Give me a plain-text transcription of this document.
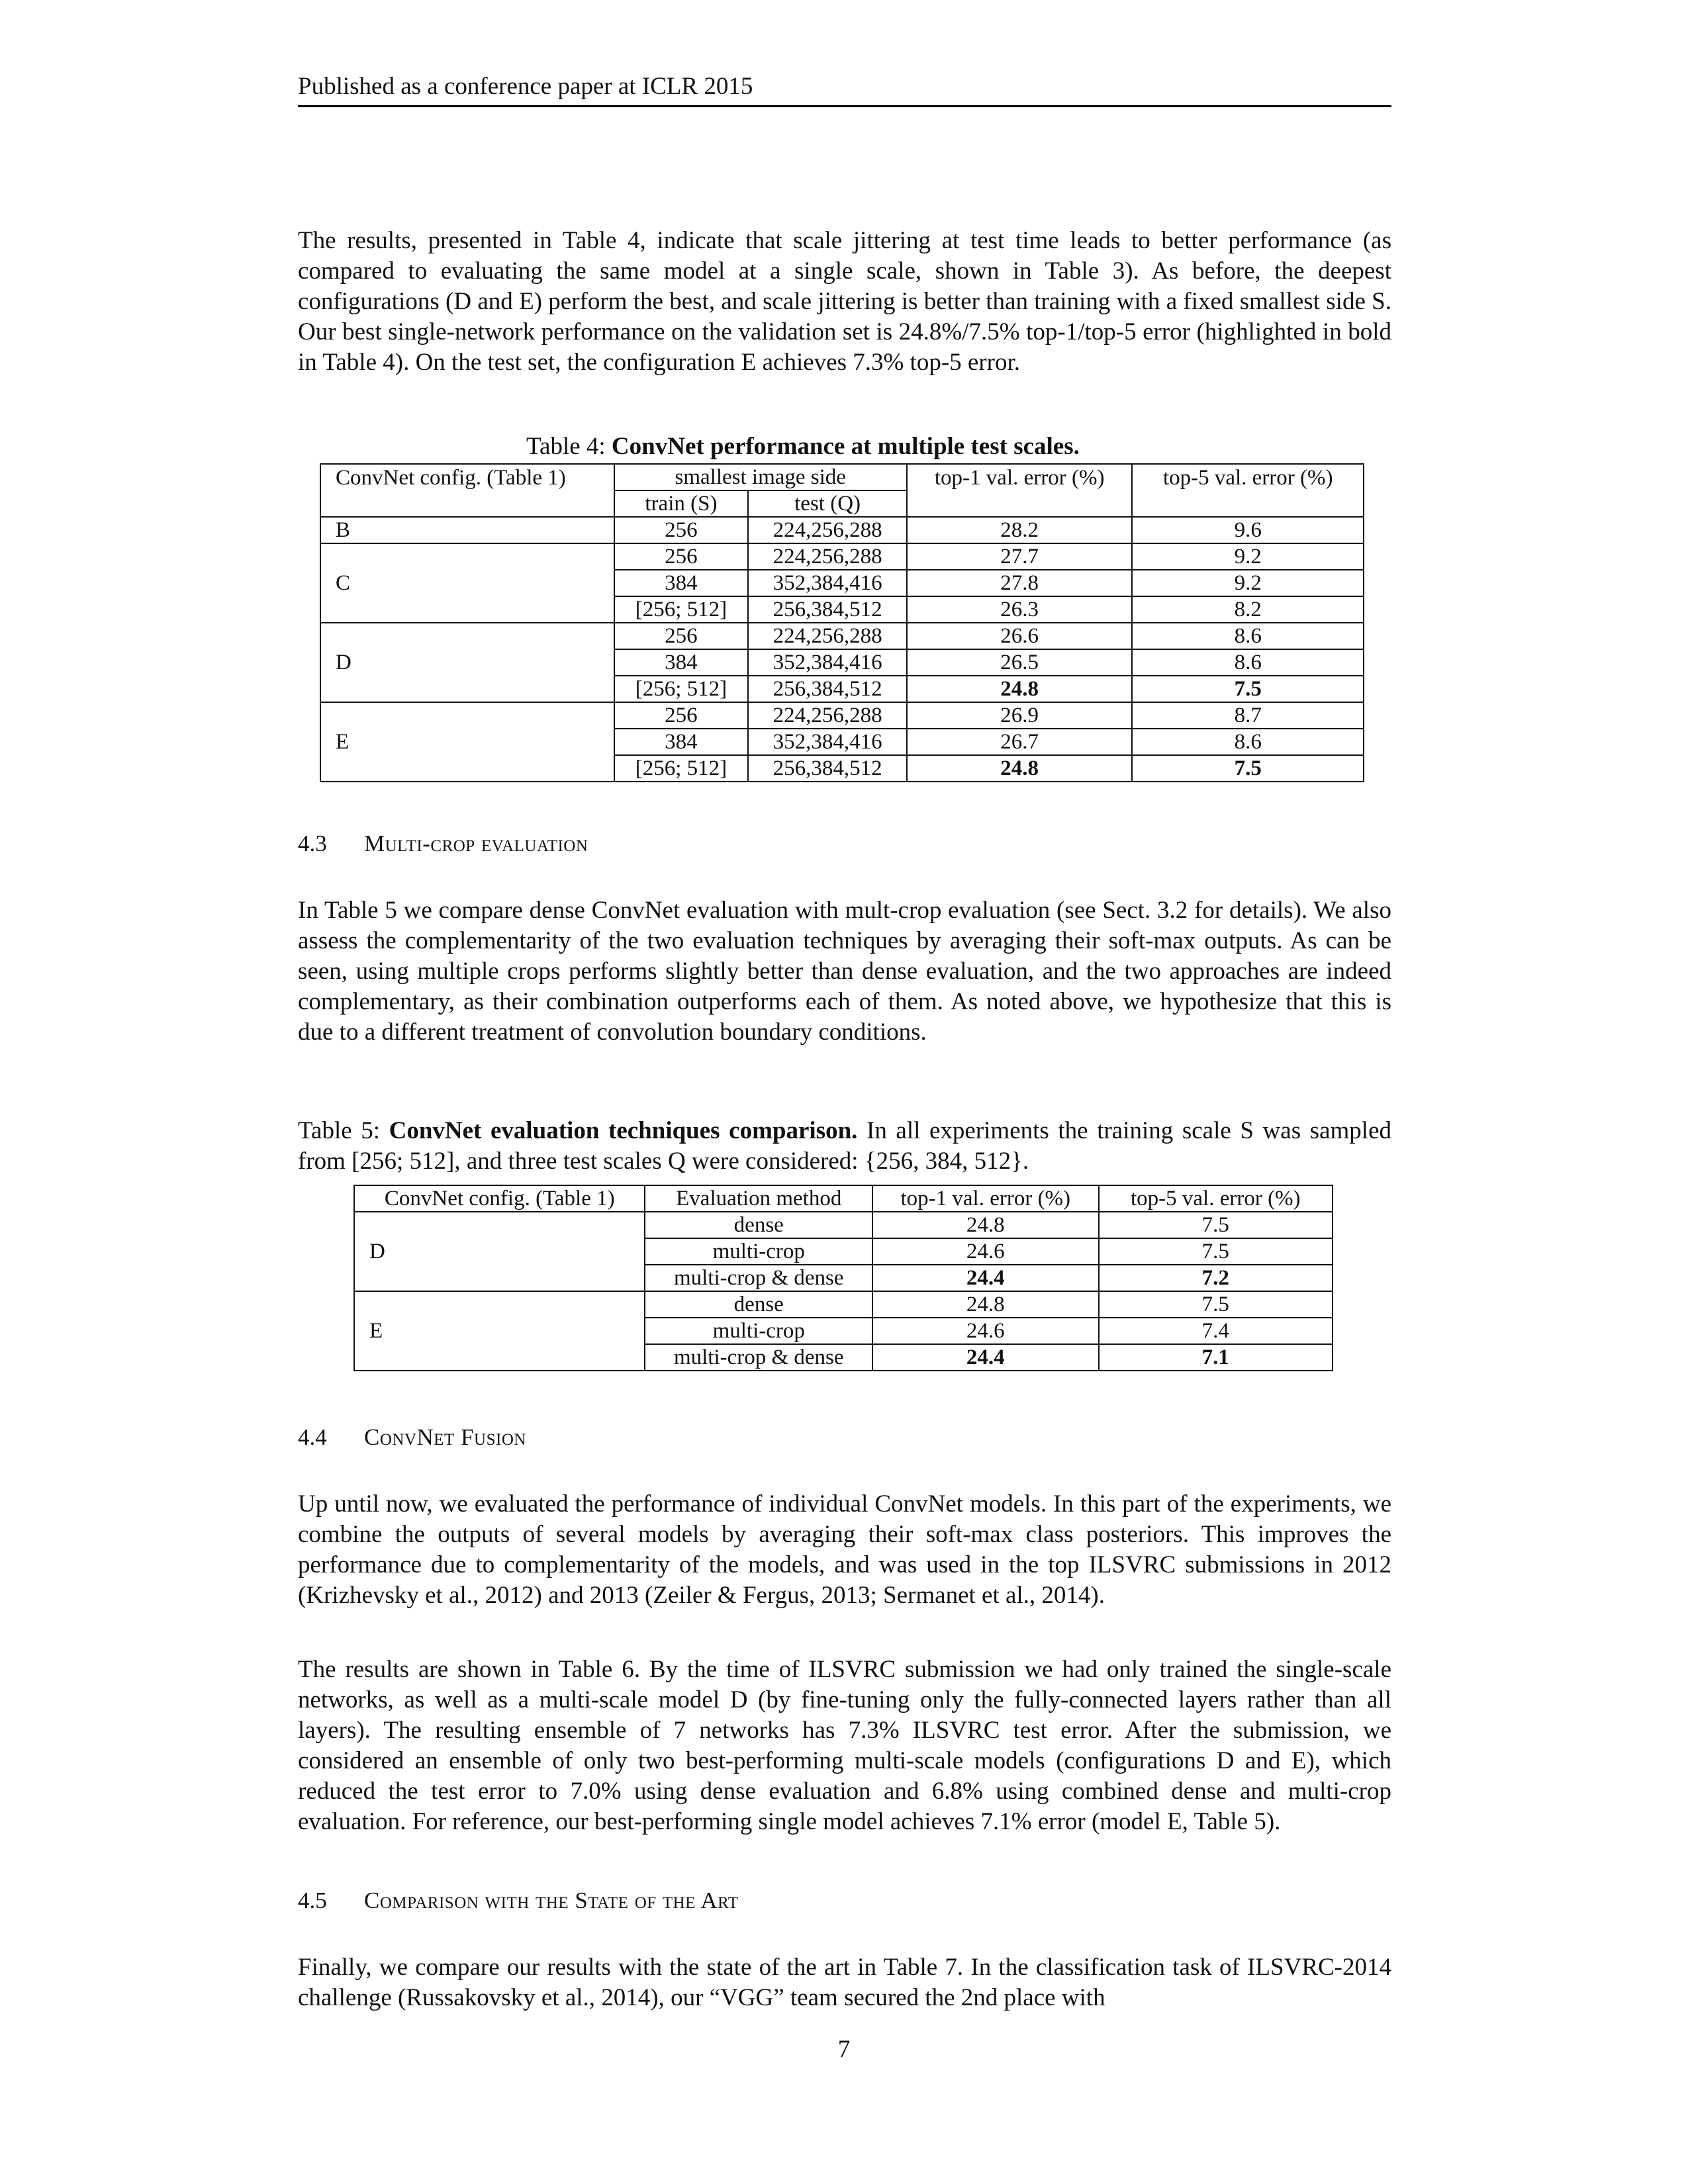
Published as a conference paper at ICLR 2015

The results, presented in Table 4, indicate that scale jittering at test time leads to better performance (as compared to evaluating the same model at a single scale, shown in Table 3). As before, the deepest configurations (D and E) perform the best, and scale jittering is better than training with a fixed smallest side S. Our best single-network performance on the validation set is 24.8%/7.5% top-1/top-5 error (highlighted in bold in Table 4). On the test set, the configuration E achieves 7.3% top-5 error.

Table 4: ConvNet performance at multiple test scales.
ConvNet config. (Table 1)	smallest image side		top-1 val. error (%)	top-5 val. error (%)
	train (S)	test (Q)		
B	256	224,256,288	28.2	9.6
C	256	224,256,288	27.7	9.2
	384	352,384,416	27.8	9.2
	[256; 512]	256,384,512	26.3	8.2
D	256	224,256,288	26.6	8.6
	384	352,384,416	26.5	8.6
	[256; 512]	256,384,512	24.8	7.5
E	256	224,256,288	26.9	8.7
	384	352,384,416	26.7	8.6
	[256; 512]	256,384,512	24.8	7.5
4.3 Multi-crop evaluation

In Table 5 we compare dense ConvNet evaluation with mult-crop evaluation (see Sect. 3.2 for details). We also assess the complementarity of the two evaluation techniques by averaging their soft-max outputs. As can be seen, using multiple crops performs slightly better than dense evaluation, and the two approaches are indeed complementary, as their combination outperforms each of them. As noted above, we hypothesize that this is due to a different treatment of convolution boundary conditions.

Table 5: ConvNet evaluation techniques comparison. In all experiments the training scale S was sampled from [256; 512], and three test scales Q were considered: {256, 384, 512}.
ConvNet config. (Table 1)	Evaluation method	top-1 val. error (%)	top-5 val. error (%)
D	dense	24.8	7.5
	multi-crop	24.6	7.5
	multi-crop & dense	24.4	7.2
E	dense	24.8	7.5
	multi-crop	24.6	7.4
	multi-crop & dense	24.4	7.1
4.4 ConvNet Fusion

Up until now, we evaluated the performance of individual ConvNet models. In this part of the experiments, we combine the outputs of several models by averaging their soft-max class posteriors. This improves the performance due to complementarity of the models, and was used in the top ILSVRC submissions in 2012 (Krizhevsky et al., 2012) and 2013 (Zeiler & Fergus, 2013; Sermanet et al., 2014).

The results are shown in Table 6. By the time of ILSVRC submission we had only trained the single-scale networks, as well as a multi-scale model D (by fine-tuning only the fully-connected layers rather than all layers). The resulting ensemble of 7 networks has 7.3% ILSVRC test error. After the submission, we considered an ensemble of only two best-performing multi-scale models (configurations D and E), which reduced the test error to 7.0% using dense evaluation and 6.8% using combined dense and multi-crop evaluation. For reference, our best-performing single model achieves 7.1% error (model E, Table 5).

4.5 Comparison with the State of the Art

Finally, we compare our results with the state of the art in Table 7. In the classification task of ILSVRC-2014 challenge (Russakovsky et al., 2014), our “VGG” team secured the 2nd place with

7
